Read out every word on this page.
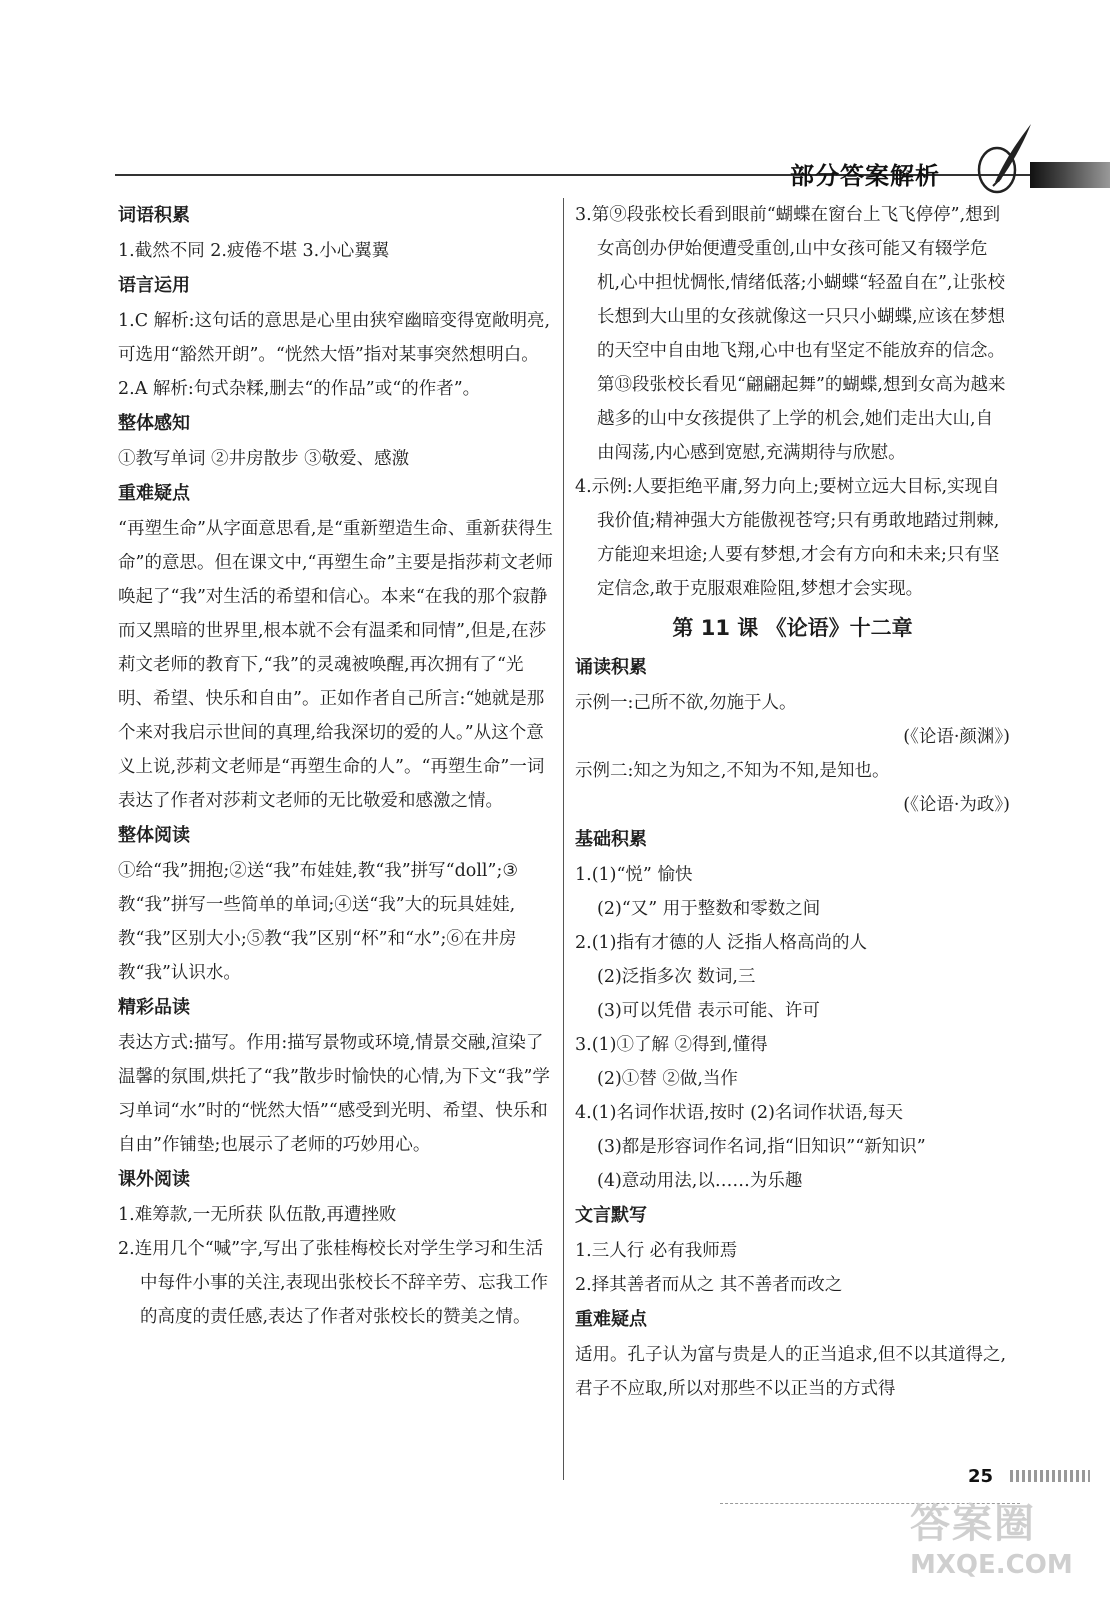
部分答案解析
词语积累
1.截然不同 2.疲倦不堪 3.小心翼翼
语言运用
1.C 解析:这句话的意思是心里由狭窄幽暗变得宽敞明亮,可选用“豁然开朗”。“恍然大悟”指对某事突然想明白。
2.A 解析:句式杂糅,删去“的作品”或“的作者”。
整体感知
①教写单词 ②井房散步 ③敬爱、感激
重难疑点
“再塑生命”从字面意思看,是“重新塑造生命、重新获得生命”的意思。但在课文中,“再塑生命”主要是指莎莉文老师唤起了“我”对生活的希望和信心。本来“在我的那个寂静而又黑暗的世界里,根本就不会有温柔和同情”,但是,在莎莉文老师的教育下,“我”的灵魂被唤醒,再次拥有了“光明、希望、快乐和自由”。正如作者自己所言:“她就是那个来对我启示世间的真理,给我深切的爱的人。”从这个意义上说,莎莉文老师是“再塑生命的人”。“再塑生命”一词表达了作者对莎莉文老师的无比敬爱和感激之情。
整体阅读
①给“我”拥抱;②送“我”布娃娃,教“我”拼写“doll”;③教“我”拼写一些简单的单词;④送“我”大的玩具娃娃,教“我”区别大小;⑤教“我”区别“杯”和“水”;⑥在井房教“我”认识水。
精彩品读
表达方式:描写。作用:描写景物或环境,情景交融,渲染了温馨的氛围,烘托了“我”散步时愉快的心情,为下文“我”学习单词“水”时的“恍然大悟”“感受到光明、希望、快乐和自由”作铺垫;也展示了老师的巧妙用心。
课外阅读
1.难筹款,一无所获 队伍散,再遭挫败
2.连用几个“喊”字,写出了张桂梅校长对学生学习和生活中每件小事的关注,表现出张校长不辞辛劳、忘我工作的高度的责任感,表达了作者对张校长的赞美之情。
3.第⑨段张校长看到眼前“蝴蝶在窗台上飞飞停停”,想到女高创办伊始便遭受重创,山中女孩可能又有辍学危机,心中担忧惆怅,情绪低落;小蝴蝶“轻盈自在”,让张校长想到大山里的女孩就像这一只只小蝴蝶,应该在梦想的天空中自由地飞翔,心中也有坚定不能放弃的信念。第⑬段张校长看见“翩翩起舞”的蝴蝶,想到女高为越来越多的山中女孩提供了上学的机会,她们走出大山,自由闯荡,内心感到宽慰,充满期待与欣慰。
4.示例:人要拒绝平庸,努力向上;要树立远大目标,实现自我价值;精神强大方能傲视苍穹;只有勇敢地踏过荆棘,方能迎来坦途;人要有梦想,才会有方向和未来;只有坚定信念,敢于克服艰难险阻,梦想才会实现。
第 11 课 《论语》十二章
诵读积累
示例一:己所不欲,勿施于人。
(《论语·颜渊》)
示例二:知之为知之,不知为不知,是知也。
(《论语·为政》)
基础积累
1.(1)“悦” 愉快
(2)“又” 用于整数和零数之间
2.(1)指有才德的人 泛指人格高尚的人
(2)泛指多次 数词,三
(3)可以凭借 表示可能、许可
3.(1)①了解 ②得到,懂得
(2)①替 ②做,当作
4.(1)名词作状语,按时 (2)名词作状语,每天
(3)都是形容词作名词,指“旧知识”“新知识”
(4)意动用法,以……为乐趣
文言默写
1.三人行 必有我师焉
2.择其善者而从之 其不善者而改之
重难疑点
适用。孔子认为富与贵是人的正当追求,但不以其道得之,君子不应取,所以对那些不以正当的方式得
25
答案圈
MXQE.COM
